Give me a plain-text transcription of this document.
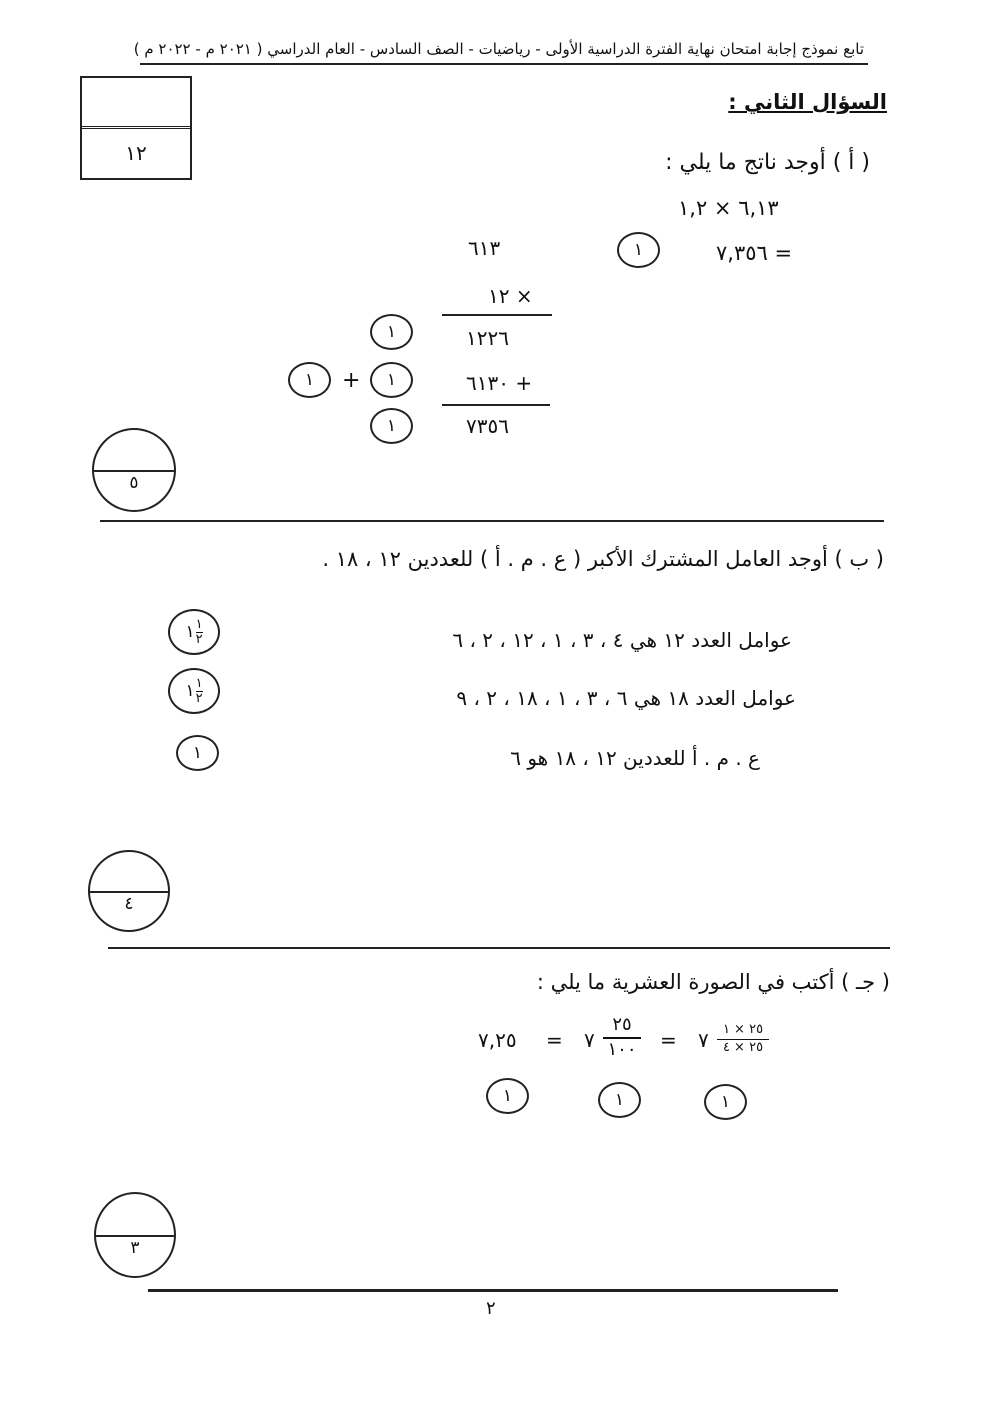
تابع نموذج إجابة امتحان نهاية الفترة الدراسية الأولى - رياضيات - الصف السادس - العام الدراسي ( ٢٠٢١ م - ٢٠٢٢ م )
السؤال الثاني :
١٢	( أ ) أوجد ناتج ما يلي :
٦,١٣ × ١,٢
١	= ٧,٣٥٦
٦١٣
× ١٢
١	١٢٢٦
١	+	١	+ ٦١٣٠
١	٧٣٥٦
٥
( ب ) أوجد العامل المشترك الأكبر ( ع . م . أ ) للعددين ١٢ ، ١٨ .
عوامل العدد ١٢ هي ٤ ، ٣ ، ١ ، ١٢ ، ٢ ، ٦
عوامل العدد ١٨ هي ٦ ، ٣ ، ١ ، ١٨ ، ٢ ، ٩
ع . م . أ للعددين ١٢ ، ١٨ هو ٦
١ $\frac{١}{٢}$
١ $\frac{١}{٢}$
١
٤
( جـ ) أكتب في الصورة العشرية ما يلي :
٧,٢٥ = ٧
٢٥
١٠٠ = ٧ ٢٥ × ١
٢٥ × ٤
١	١	١
٣
٢
